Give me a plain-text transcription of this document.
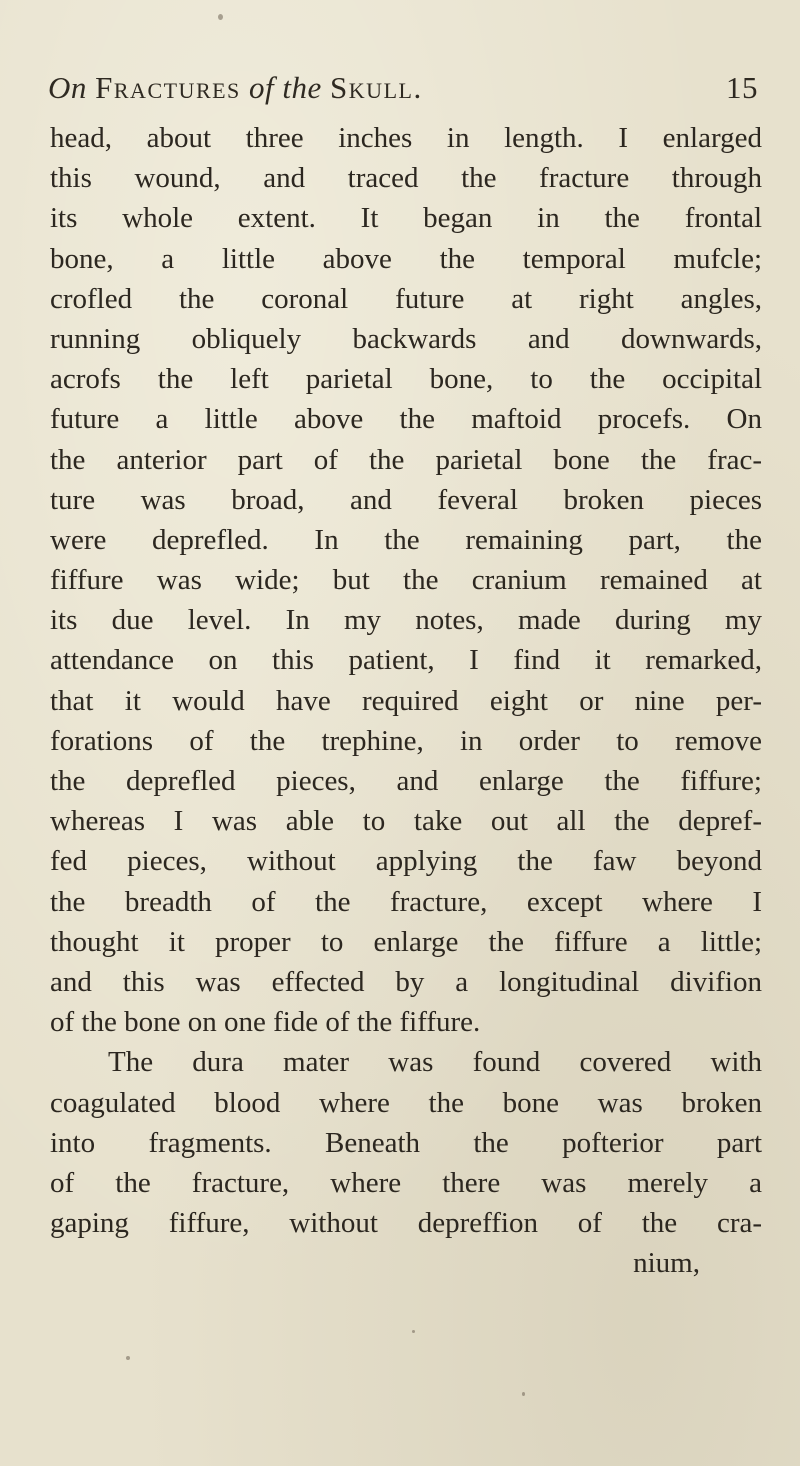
On Fractures of the Skull.	15
head, about three inches in length. I enlarged
this wound, and traced the fracture through
its whole extent. It began in the frontal
bone, a little above the temporal mufcle;
crofled the coronal future at right angles,
running obliquely backwards and downwards,
acrofs the left parietal bone, to the occipital
future a little above the maftoid procefs. On
the anterior part of the parietal bone the frac-
ture was broad, and feveral broken pieces
were deprefled. In the remaining part, the
fiffure was wide; but the cranium remained at
its due level. In my notes, made during my
attendance on this patient, I find it remarked,
that it would have required eight or nine per-
forations of the trephine, in order to remove
the deprefled pieces, and enlarge the fiffure;
whereas I was able to take out all the depref-
fed pieces, without applying the faw beyond
the breadth of the fracture, except where I
thought it proper to enlarge the fiffure a little;
and this was effected by a longitudinal divifion
of the bone on one fide of the fiffure.
The dura mater was found covered with
coagulated blood where the bone was broken
into fragments. Beneath the pofterior part
of the fracture, where there was merely a
gaping fiffure, without depreffion of the cra-
nium,
